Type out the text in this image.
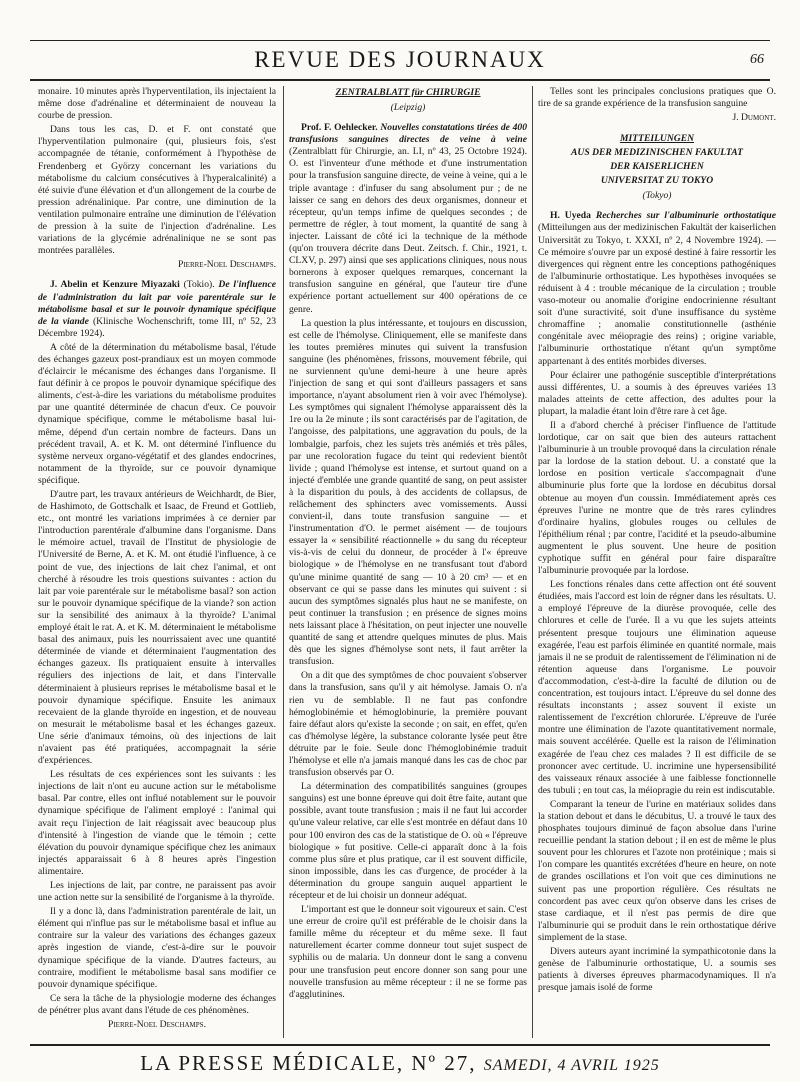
REVUE DES JOURNAUX	66

monaire. 10 minutes après l'hyperventilation, ils injectaient la même dose d'adrénaline et déterminaient de nouveau la courbe de pression.

Dans tous les cas, D. et F. ont constaté que l'hyperventilation pulmonaire (qui, plusieurs fois, s'est accompagnée de tétanie, conformément à l'hypothèse de Frendenberg et Györzy concernant les variations du métabolisme du calcium consécutives à l'hyperalcalinité) a été suivie d'une élévation et d'un allongement de la courbe de pression adrénalinique. Par contre, une diminution de la ventilation pulmonaire entraîne une diminution de l'élévation de pression à la suite de l'injection d'adrénaline. Les variations de la glycémie adrénalinique ne se sont pas montrées parallèles.

Pierre-Noel Deschamps.

J. Abelin et Kenzure Miyazaki (Tokio). De l'influence de l'administration du lait par voie parentérale sur le métabolisme basal et sur le pouvoir dynamique spécifique de la viande (Klinische Wochenschrift, tome III, nº 52, 23 Décembre 1924).

A côté de la détermination du métabolisme basal, l'étude des échanges gazeux post-prandiaux est un moyen commode d'éclaircir le mécanisme des échanges dans l'organisme. Il faut définir à ce propos le pouvoir dynamique spécifique des aliments, c'est-à-dire les variations du métabolisme produites par une quantité déterminée de chacun d'eux. Ce pouvoir dynamique spécifique, comme le métabolisme basal lui-même, dépend d'un certain nombre de facteurs. Dans un précédent travail, A. et K. M. ont déterminé l'influence du système nerveux organo-végétatif et des glandes endocrines, notamment de la thyroïde, sur ce pouvoir dynamique spécifique.

D'autre part, les travaux antérieurs de Weichhardt, de Bier, de Hashimoto, de Gottschalk et Isaac, de Freund et Gottlieb, etc., ont montré les variations imprimées à ce dernier par l'introduction parentérale d'albumine dans l'organisme. Dans le mémoire actuel, travail de l'Institut de physiologie de l'Université de Berne, A. et K. M. ont étudié l'influence, à ce point de vue, des injections de lait chez l'animal, et ont cherché à résoudre les trois questions suivantes : action du lait par voie parentérale sur le métabolisme basal? son action sur le pouvoir dynamique spécifique de la viande? son action sur la sensibilité des animaux à la thyroïde? L'animal employé était le rat. A. et K. M. déterminaient le métabolisme basal des animaux, puis les nourrissaient avec une quantité déterminée de viande et déterminaient l'augmentation des échanges gazeux. Ils pratiquaient ensuite à intervalles réguliers des injections de lait, et dans l'intervalle déterminaient à plusieurs reprises le métabolisme basal et le pouvoir dynamique spécifique. Ensuite les animaux recevaient de la glande thyroïde en ingestion, et de nouveau on mesurait le métabolisme basal et les échanges gazeux. Une série d'animaux témoins, où des injections de lait n'avaient pas été pratiquées, accompagnait la série d'expériences.

Les résultats de ces expériences sont les suivants : les injections de lait n'ont eu aucune action sur le métabolisme basal. Par contre, elles ont influé notablement sur le pouvoir dynamique spécifique de l'aliment employé : l'animal qui avait reçu l'injection de lait réagissait avec beaucoup plus d'intensité à l'ingestion de viande que le témoin ; cette élévation du pouvoir dynamique spécifique chez les animaux injectés apparaissait 6 à 8 heures après l'ingestion alimentaire.

Les injections de lait, par contre, ne paraissent pas avoir une action nette sur la sensibilité de l'organisme à la thyroïde.

Il y a donc là, dans l'administration parentérale de lait, un élément qui n'influe pas sur le métabolisme basal et influe au contraire sur la valeur des variations des échanges gazeux après ingestion de viande, c'est-à-dire sur le pouvoir dynamique spécifique de la viande. D'autres facteurs, au contraire, modifient le métabolisme basal sans modifier ce pouvoir dynamique spécifique.

Ce sera la tâche de la physiologie moderne des échanges de pénétrer plus avant dans l'étude de ces phénomènes.

Pierre-Noel Deschamps.

ZENTRALBLATT für CHIRURGIE

(Leipzig)

Prof. F. Oehlecker. Nouvelles constatations tirées de 400 transfusions sanguines directes de veine à veine (Zentralblatt für Chirurgie, an. LI, nº 43, 25 Octobre 1924). O. est l'inventeur d'une méthode et d'une instrumentation pour la transfusion sanguine directe, de veine à veine, qui a le triple avantage : d'infuser du sang absolument pur ; de ne laisser ce sang en dehors des deux organismes, donneur et récepteur, qu'un temps infime de quelques secondes ; de permettre de régler, à tout moment, la quantité de sang à injecter. Laissant de côté ici la technique de la méthode (qu'on trouvera décrite dans Deut. Zeitsch. f. Chir., 1921, t. CLXV, p. 297) ainsi que ses applications cliniques, nous nous bornerons à exposer quelques remarques, concernant la transfusion sanguine en général, que l'auteur tire d'une expérience portant actuellement sur 400 opérations de ce genre.

La question la plus intéressante, et toujours en discussion, est celle de l'hémolyse. Cliniquement, elle se manifeste dans les toutes premières minutes qui suivent la transfusion sanguine (les phénomènes, frissons, mouvement fébrile, qui ne surviennent qu'une demi-heure à une heure après l'injection de sang et qui sont d'ailleurs passagers et sans importance, n'ayant absolument rien à voir avec l'hémolyse). Les symptômes qui signalent l'hémolyse apparaissent dès la 1re ou la 2e minute ; ils sont caractérisés par de l'agitation, de l'angoisse, des palpitations, une aggravation du pouls, de la lombalgie, parfois, chez les sujets très anémiés et très pâles, par une recoloration fugace du teint qui redevient bientôt livide ; quand l'hémolyse est intense, et surtout quand on a injecté d'emblée une grande quantité de sang, on peut assister à la disparition du pouls, à des accidents de collapsus, de relâchement des sphincters avec vomissements. Aussi convient-il, dans toute transfusion sanguine — et l'instrumentation d'O. le permet aisément — de toujours essayer la « sensibilité réactionnelle » du sang du récepteur vis-à-vis de celui du donneur, de procéder à l'« épreuve biologique » de l'hémolyse en ne transfusant tout d'abord qu'une minime quantité de sang — 10 à 20 cm³ — et en observant ce qui se passe dans les minutes qui suivent : si aucun des symptômes signalés plus haut ne se manifeste, on peut continuer la transfusion ; en présence de signes moins nets laissant place à l'hésitation, on peut injecter une nouvelle quantité de sang et attendre quelques minutes de plus. Mais dès que les signes d'hémolyse sont nets, il faut arrêter la transfusion.

On a dit que des symptômes de choc pouvaient s'observer dans la transfusion, sans qu'il y ait hémolyse. Jamais O. n'a rien vu de semblable. Il ne faut pas confondre hémoglobinémie et hémoglobinurie, la première pouvant faire défaut alors qu'existe la seconde ; on sait, en effet, qu'en cas d'hémolyse légère, la substance colorante lysée peut être détruite par le foie. Seule donc l'hémoglobinémie traduit l'hémolyse et elle n'a jamais manqué dans les cas de choc par transfusion observés par O.

La détermination des compatibilités sanguines (groupes sanguins) est une bonne épreuve qui doit être faite, autant que possible, avant toute transfusion ; mais il ne faut lui accorder qu'une valeur relative, car elle s'est montrée en défaut dans 10 pour 100 environ des cas de la statistique de O. où « l'épreuve biologique » fut positive. Celle-ci apparaît donc à la fois comme plus sûre et plus pratique, car il est souvent difficile, sinon impossible, dans les cas d'urgence, de procéder à la détermination du groupe sanguin auquel appartient le récepteur et de lui choisir un donneur adéquat.

L'important est que le donneur soit vigoureux et sain. C'est une erreur de croire qu'il est préférable de le choisir dans la famille même du récepteur et du même sexe. Il faut naturellement écarter comme donneur tout sujet suspect de syphilis ou de malaria. Un donneur dont le sang a convenu pour une transfusion peut encore donner son sang pour une nouvelle transfusion au même récepteur : il ne se forme pas d'agglutinines.

Telles sont les principales conclusions pratiques que O. tire de sa grande expérience de la transfusion sanguine

J. Dumont.

MITTEILUNGEN

AUS DER MEDIZINISCHEN FAKULTAT

DER KAISERLICHEN

UNIVERSITAT ZU TOKYO

(Tokyo)

H. Uyeda Recherches sur l'albuminurie orthostatique (Mitteilungen aus der medizinischen Fakultät der kaiserlichen Universität zu Tokyo, t. XXXI, nº 2, 4 Novembre 1924). — Ce mémoire s'ouvre par un exposé destiné à faire ressortir les divergences qui règnent entre les conceptions pathogéniques de l'albuminurie orthostatique. Les hypothèses invoquées se réduisent à 4 : trouble mécanique de la circulation ; trouble vaso-moteur ou anomalie d'origine endocrinienne résultant soit d'une suractivité, soit d'une insuffisance du système chromaffine ; anomalie constitutionnelle (asthénie congénitale avec méiopragie des reins) ; origine variable, l'albuminurie orthostatique n'étant qu'un symptôme appartenant à des entités morbides diverses.

Pour éclairer une pathogénie susceptible d'interprétations aussi différentes, U. a soumis à des épreuves variées 13 malades atteints de cette affection, des adultes pour la plupart, la maladie étant loin d'être rare à cet âge.

Il a d'abord cherché à préciser l'influence de l'attitude lordotique, car on sait que bien des auteurs rattachent l'albuminurie à un trouble provoqué dans la circulation rénale par la lordose de la station debout. U. a constaté que la lordose en position verticale s'accompagnait d'une albuminurie plus forte que la lordose en décubitus dorsal obtenue au moyen d'un coussin. Immédiatement après ces épreuves l'urine ne montre que de très rares cylindres d'ordinaire hyalins, globules rouges ou cellules de l'épithélium rénal ; par contre, l'acidité et la pseudo-albumine augmentent le plus souvent. Une heure de position cyphotique suffit en général pour faire disparaître l'albuminurie provoquée par la lordose.

Les fonctions rénales dans cette affection ont été souvent étudiées, mais l'accord est loin de régner dans les résultats. U. a employé l'épreuve de la diurèse provoquée, celle des chlorures et celle de l'urée. Il a vu que les sujets atteints présentent presque toujours une élimination aqueuse exagérée, l'eau est parfois éliminée en quantité normale, mais jamais il ne se produit de ralentissement de l'élimination ni de rétention aqueuse dans l'organisme. Le pouvoir d'accommodation, c'est-à-dire la faculté de dilution ou de concentration, est toujours intact. L'épreuve du sel donne des résultats inconstants ; assez souvent il existe un ralentissement de l'excrétion chlorurée. L'épreuve de l'urée montre une élimination de l'azote quantitativement normale, mais souvent accélérée. Quelle est la raison de l'élimination exagérée de l'eau chez ces malades ? Il est difficile de se prononcer avec certitude. U. incrimine une hypersensibilité des vaisseaux rénaux associée à une faiblesse fonctionnelle des tubuli ; en tout cas, la méiopragie du rein est indiscutable.

Comparant la teneur de l'urine en matériaux solides dans la station debout et dans le décubitus, U. a trouvé le taux des phosphates toujours diminué de façon absolue dans l'urine recueillie pendant la station debout ; il en est de même le plus souvent pour les chlorures et l'azote non protéinique ; mais si l'on compare les quantités excrétées d'heure en heure, on note de grandes oscillations et l'on voit que ces diminutions ne suivent pas une proportion régulière. Ces résultats ne concordent pas avec ceux qu'on observe dans les crises de stase cardiaque, et il n'est pas permis de dire que l'albuminurie qui se produit dans le rein orthostatique dérive simplement de la stase.

Divers auteurs ayant incriminé la sympathicotonie dans la genèse de l'albuminurie orthostatique, U. a soumis ses patients à diverses épreuves pharmacodynamiques. Il n'a presque jamais isolé de forme

LA PRESSE MÉDICALE, Nº 27, SAMEDI, 4 AVRIL 1925
